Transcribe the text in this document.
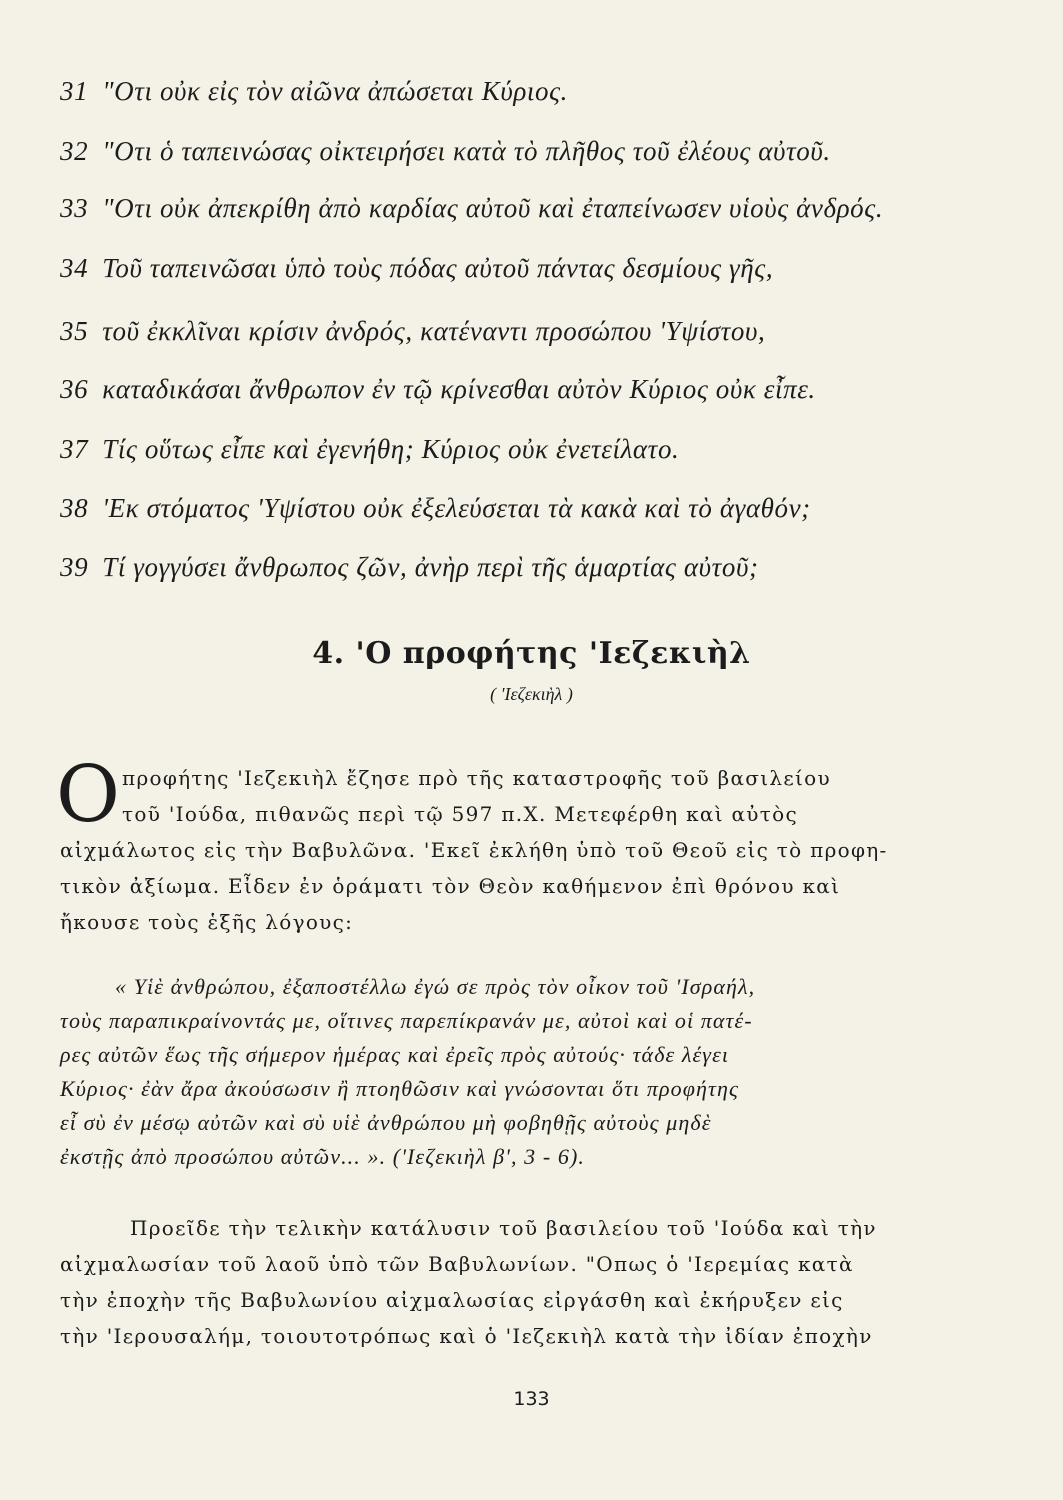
31 "Οτι οὐκ εἰς τὸν αἰῶνα ἀπώσεται Κύριος.
32 "Οτι ὁ ταπεινώσας οἰκτειρήσει κατὰ τὸ πλῆθος τοῦ ἐλέους αὐτοῦ.
33 "Οτι οὐκ ἀπεκρίθη ἀπὸ καρδίας αὐτοῦ καὶ ἐταπείνωσεν υἱοὺς ἀνδρός.
34 Τοῦ ταπεινῶσαι ὑπὸ τοὺς πόδας αὐτοῦ πάντας δεσμίους γῆς,
35 τοῦ ἐκκλῖναι κρίσιν ἀνδρός, κατέναντι προσώπου 'Υψίστου,
36 καταδικάσαι ἄνθρωπον ἐν τῷ κρίνεσθαι αὐτὸν Κύριος οὐκ εἶπε.
37 Τίς οὕτως εἶπε καὶ ἐγενήθη; Κύριος οὐκ ἐνετείλατο.
38 'Εκ στόματος 'Υψίστου οὐκ ἐξελεύσεται τὰ κακὰ καὶ τὸ ἀγαθόν;
39 Τί γογγύσει ἄνθρωπος ζῶν, ἀνὴρ περὶ τῆς ἁμαρτίας αὐτοῦ;
4. 'Ο προφήτης 'Ιεζεκιὴλ
( 'Ιεζεκιὴλ )
Ο προφήτης 'Ιεζεκιὴλ ἔζησε πρὸ τῆς καταστροφῆς τοῦ βασιλείου
τοῦ 'Ιούδα, πιθανῶς περὶ τῷ 597 π.Χ. Μετεφέρθη καὶ αὐτὸς
αἰχμάλωτος εἰς τὴν Βαβυλῶνα. 'Εκεῖ ἐκλήθη ὑπὸ τοῦ Θεοῦ εἰς τὸ προφη-
τικὸν ἀξίωμα. Εἶδεν ἐν ὁράματι τὸν Θεὸν καθήμενον ἐπὶ θρόνου καὶ
ἤκουσε τοὺς ἑξῆς λόγους:
« Υἱὲ ἀνθρώπου, ἐξαποστέλλω ἐγώ σε πρὸς τὸν οἶκον τοῦ 'Ισραήλ,
τοὺς παραπικραίνοντάς με, οἵτινες παρεπίκρανάν με, αὐτοὶ καὶ οἱ πατέ-
ρες αὐτῶν ἕως τῆς σήμερον ἡμέρας καὶ ἐρεῖς πρὸς αὐτούς· τάδε λέγει
Κύριος· ἐὰν ἄρα ἀκούσωσιν ἢ πτοηθῶσιν καὶ γνώσονται ὅτι προφήτης
εἶ σὺ ἐν μέσῳ αὐτῶν καὶ σὺ υἱὲ ἀνθρώπου μὴ φοβηθῇς αὐτοὺς μηδὲ
ἐκστῇς ἀπὸ προσώπου αὐτῶν... ». ('Ιεζεκιὴλ β', 3 - 6).
Προεῖδε τὴν τελικὴν κατάλυσιν τοῦ βασιλείου τοῦ 'Ιούδα καὶ τὴν
αἰχμαλωσίαν τοῦ λαοῦ ὑπὸ τῶν Βαβυλωνίων. "Οπως ὁ 'Ιερεμίας κατὰ
τὴν ἐποχὴν τῆς Βαβυλωνίου αἰχμαλωσίας εἰργάσθη καὶ ἐκήρυξεν εἰς
τὴν 'Ιερουσαλήμ, τοιουτοτρόπως καὶ ὁ 'Ιεζεκιὴλ κατὰ τὴν ἰδίαν ἐποχὴν
133
